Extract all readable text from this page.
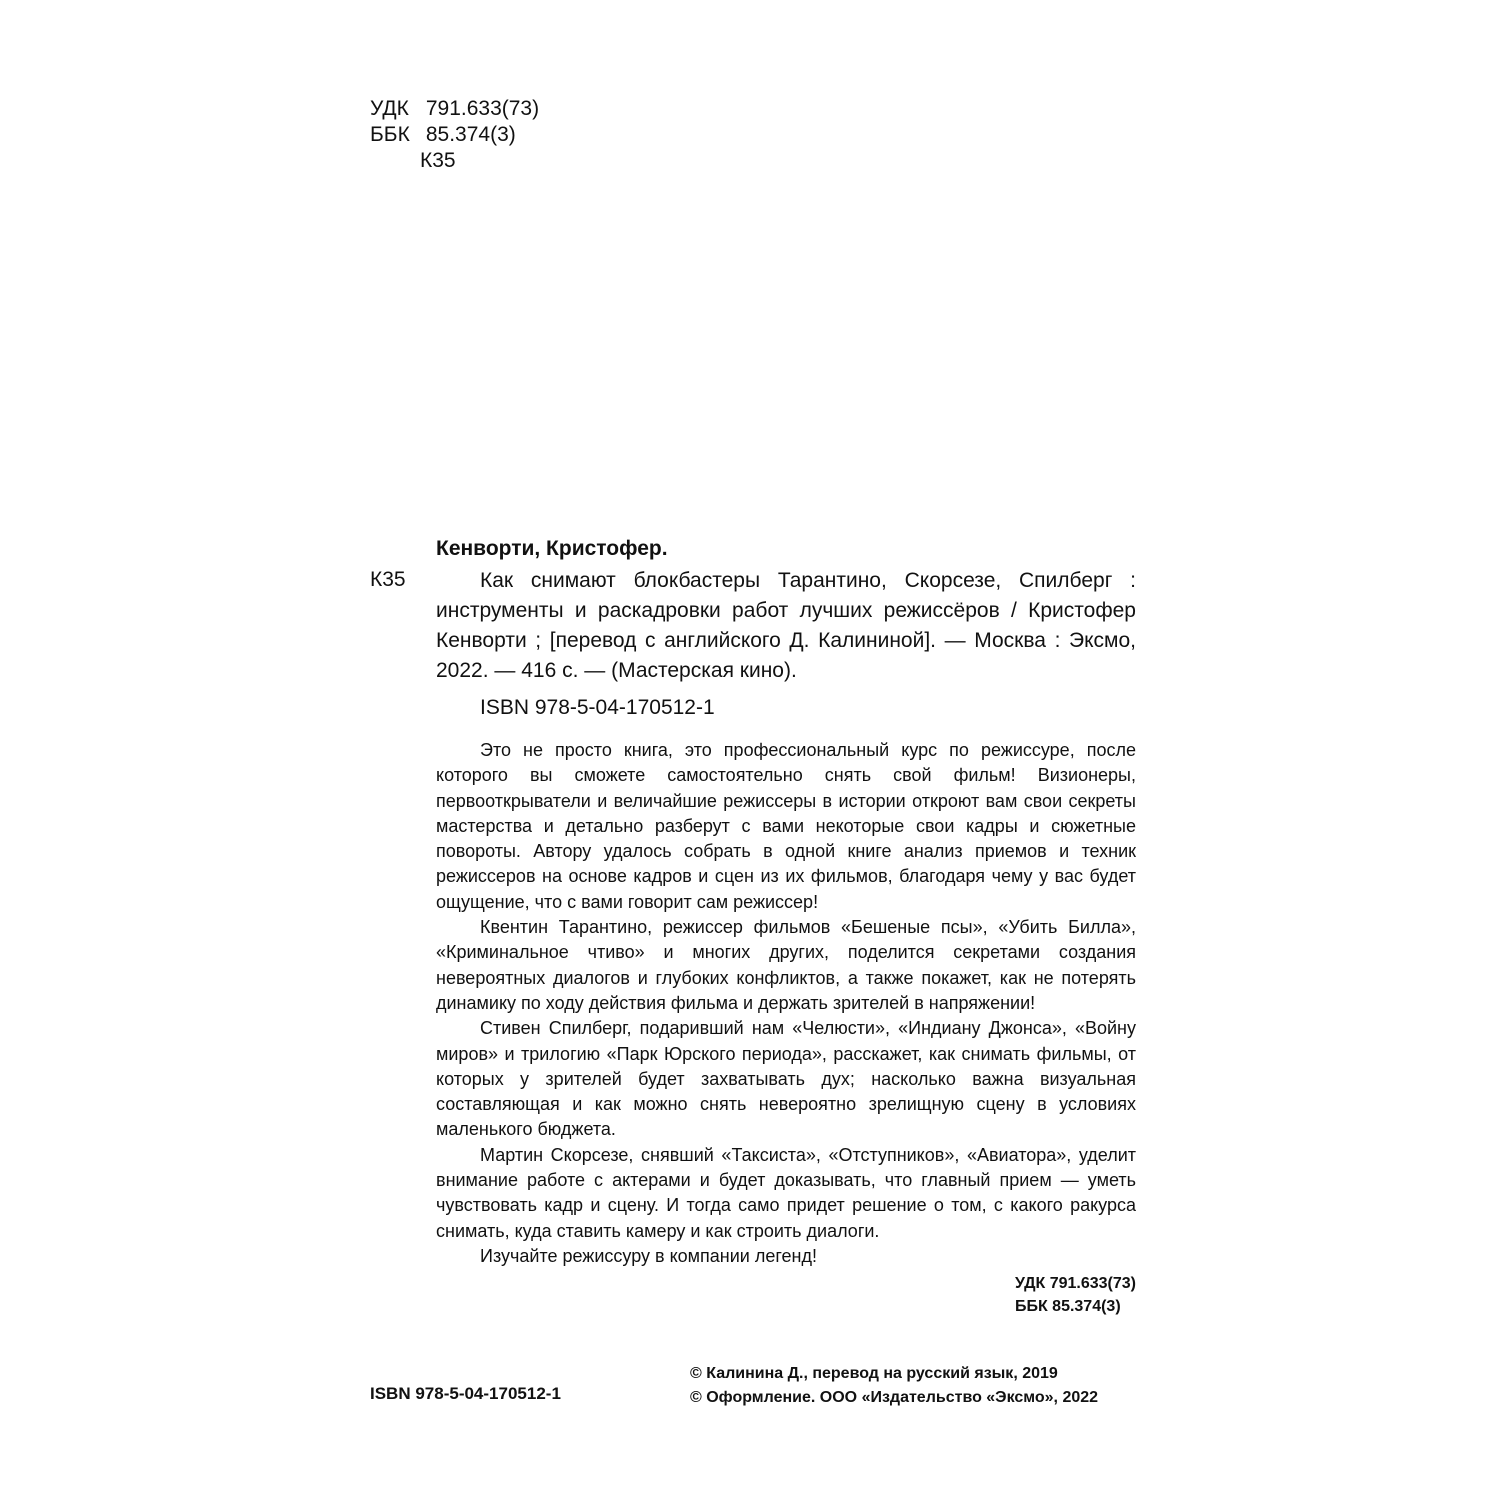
УДК 791.633(73)
ББК 85.374(3)
К35
Кенворти, Кристофер.
К35	Как снимают блокбастеры Тарантино, Скорсезе, Спилберг : инструменты и раскадровки работ лучших режиссёров / Кристофер Кенворти ; [перевод с английского Д. Калининой]. — Москва : Эксмо, 2022. — 416 с. — (Мастерская кино).
ISBN 978-5-04-170512-1

Это не просто книга, это профессиональный курс по режиссуре, после которого вы сможете самостоятельно снять свой фильм! Визионеры, первооткрыватели и величайшие режиссеры в истории откроют вам свои секреты мастерства и детально разберут с вами некоторые свои кадры и сюжетные повороты. Автору удалось собрать в одной книге анализ приемов и техник режиссеров на основе кадров и сцен из их фильмов, благодаря чему у вас будет ощущение, что с вами говорит сам режиссер!

Квентин Тарантино, режиссер фильмов «Бешеные псы», «Убить Билла», «Криминальное чтиво» и многих других, поделится секретами создания невероятных диалогов и глубоких конфликтов, а также покажет, как не потерять динамику по ходу действия фильма и держать зрителей в напряжении!

Стивен Спилберг, подаривший нам «Челюсти», «Индиану Джонса», «Войну миров» и трилогию «Парк Юрского периода», расскажет, как снимать фильмы, от которых у зрителей будет захватывать дух; насколько важна визуальная составляющая и как можно снять невероятно зрелищную сцену в условиях маленького бюджета.

Мартин Скорсезе, снявший «Таксиста», «Отступников», «Авиатора», уделит внимание работе с актерами и будет доказывать, что главный прием — уметь чувствовать кадр и сцену. И тогда само придет решение о том, с какого ракурса снимать, куда ставить камеру и как строить диалоги.

Изучайте режиссуру в компании легенд!

УДК 791.633(73)
ББК 85.374(3)
ISBN 978-5-04-170512-1
© Калинина Д., перевод на русский язык, 2019
© Оформление. ООО «Издательство «Эксмо», 2022
